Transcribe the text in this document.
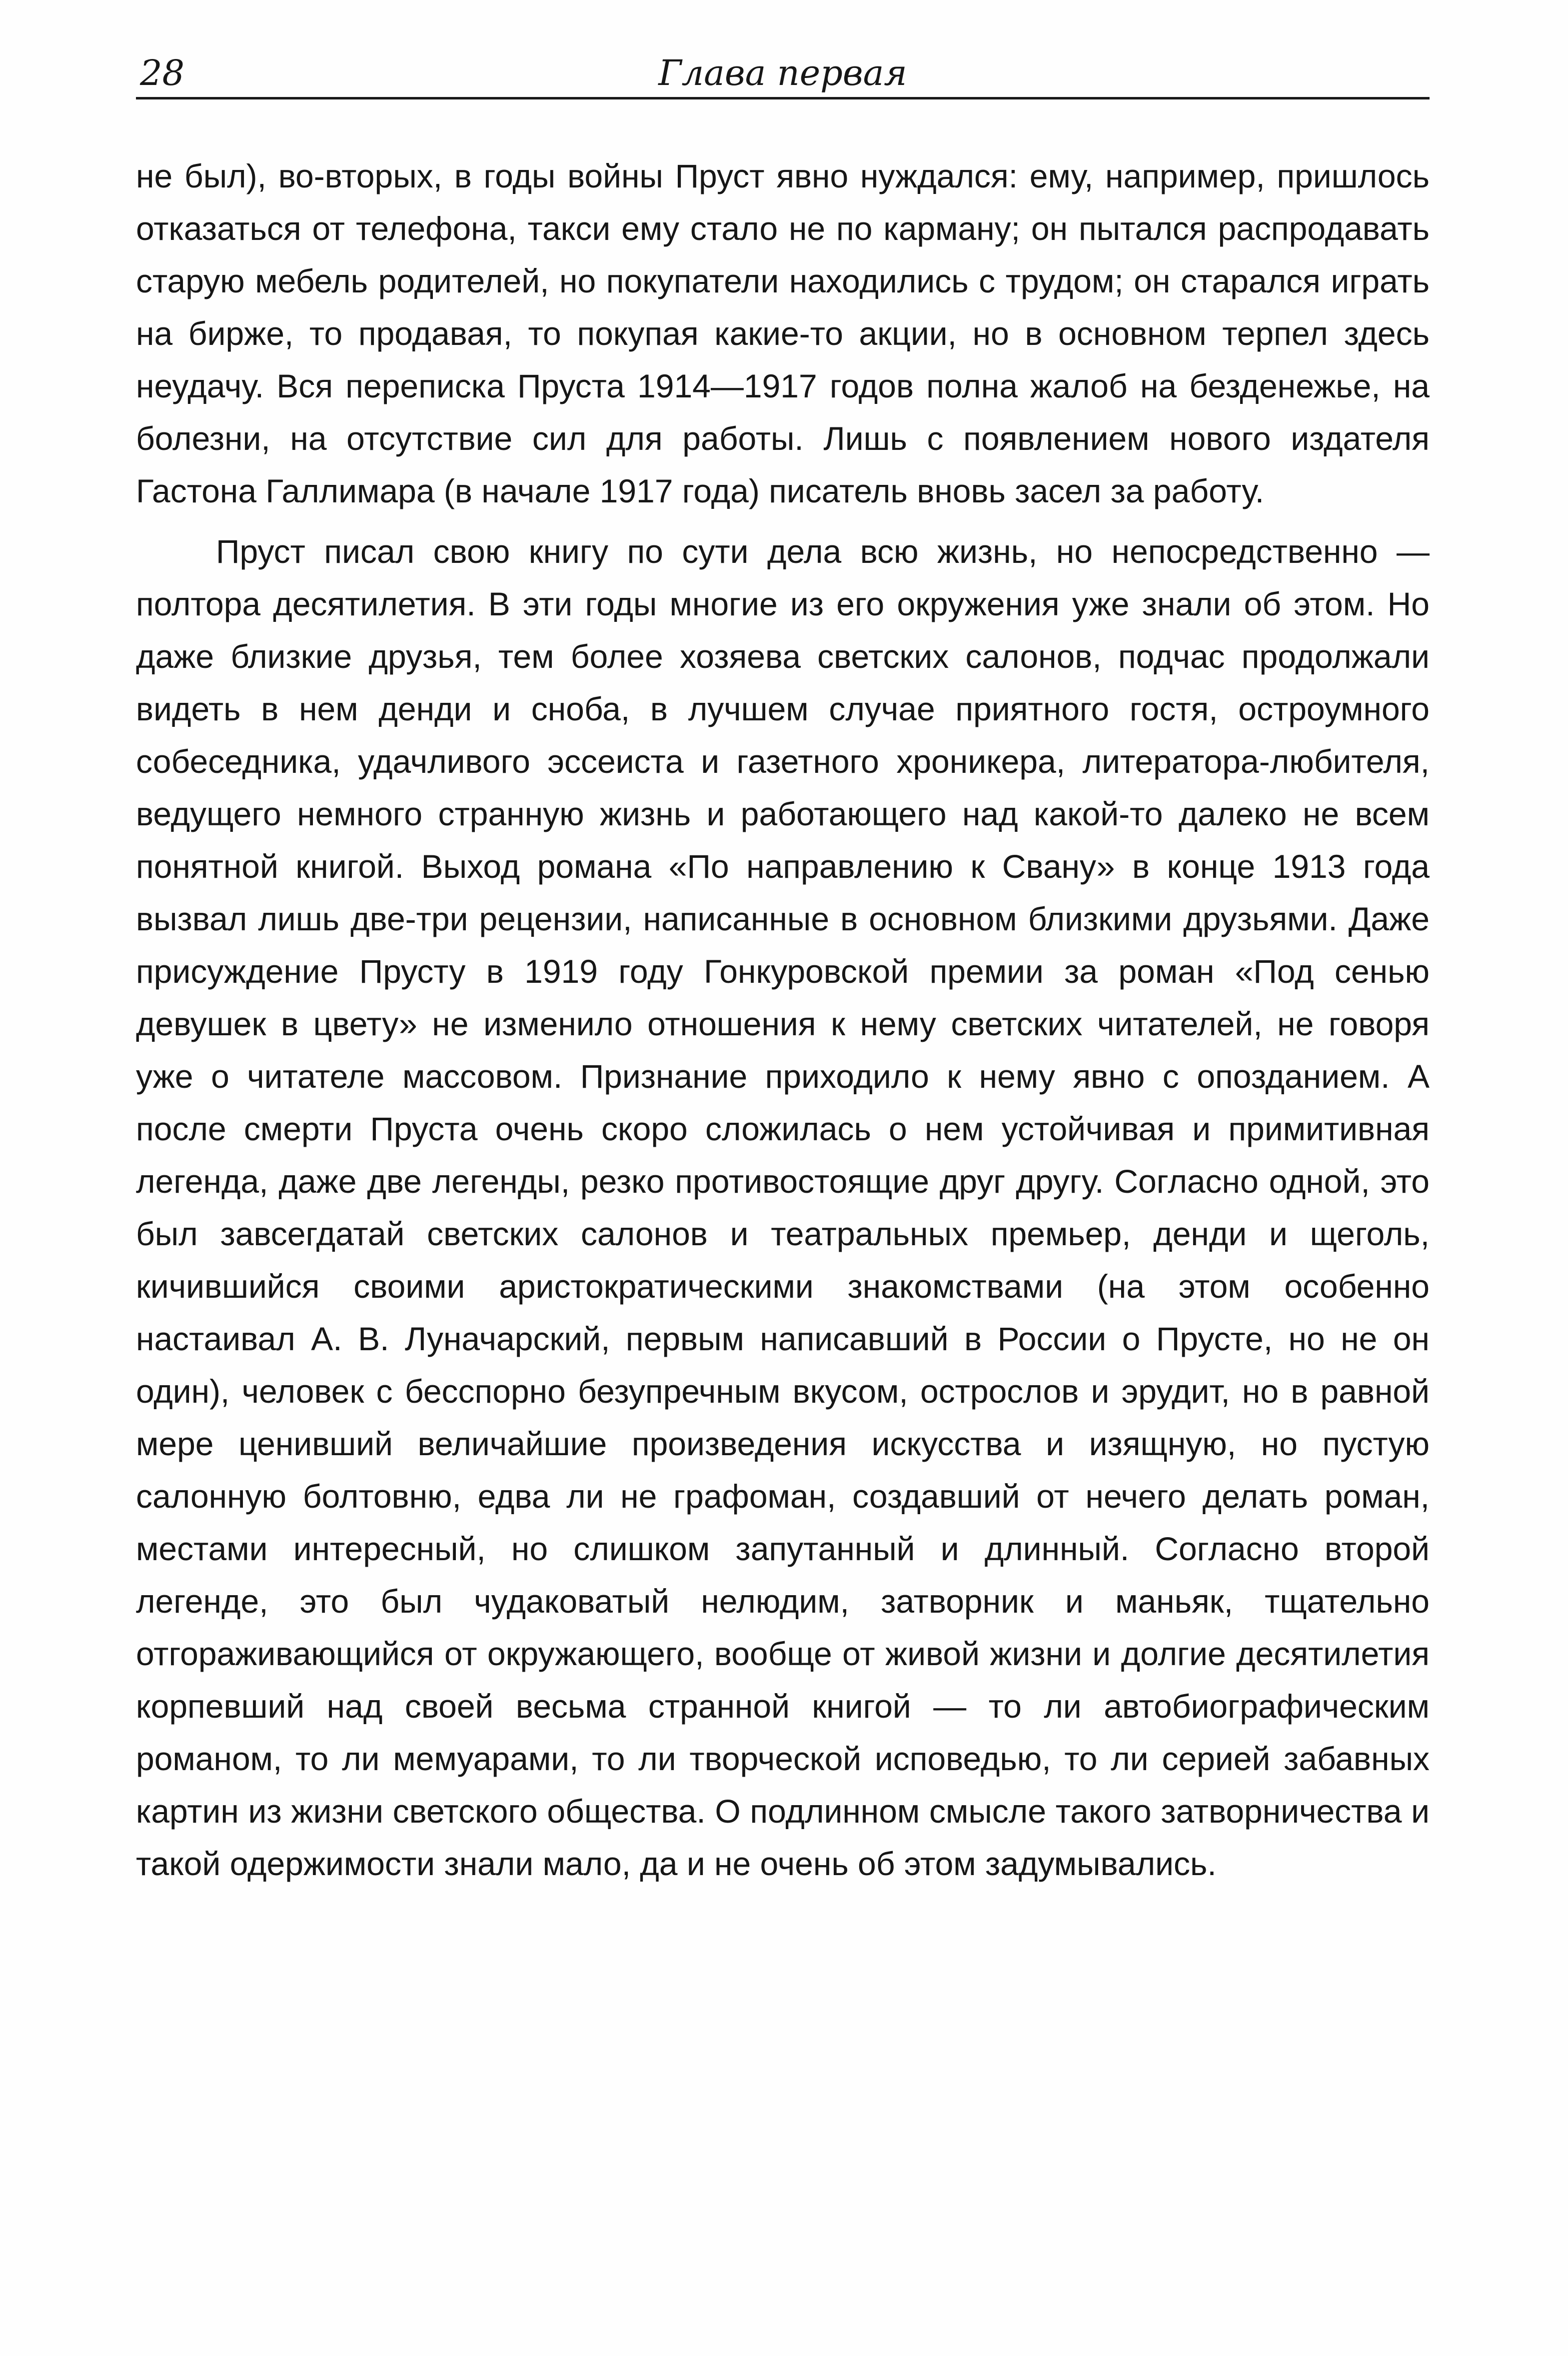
28	Глава первая

не был), во-вторых, в годы войны Пруст явно нуждался: ему, например, пришлось отказаться от телефона, такси ему стало не по карману; он пытался распродавать старую мебель родителей, но покупатели находились с трудом; он старался играть на бирже, то продавая, то покупая какие-то акции, но в основном терпел здесь неудачу. Вся переписка Пруста 1914—1917 годов полна жалоб на безденежье, на болезни, на отсутствие сил для работы. Лишь с появлением нового издателя Гастона Галлимара (в начале 1917 года) писатель вновь засел за работу.

Пруст писал свою книгу по сути дела всю жизнь, но непосредственно — полтора десятилетия. В эти годы многие из его окружения уже знали об этом. Но даже близкие друзья, тем более хозяева светских салонов, подчас продолжали видеть в нем денди и сноба, в лучшем случае приятного гостя, остроумного собеседника, удачливого эссеиста и газетного хроникера, литератора-любителя, ведущего немного странную жизнь и работающего над какой-то далеко не всем понятной книгой. Выход романа «По направлению к Свану» в конце 1913 года вызвал лишь две-три рецензии, написанные в основном близкими друзьями. Даже присуждение Прусту в 1919 году Гонкуровской премии за роман «Под сенью девушек в цвету» не изменило отношения к нему светских читателей, не говоря уже о читателе массовом. Признание приходило к нему явно с опозданием. А после смерти Пруста очень скоро сложилась о нем устойчивая и примитивная легенда, даже две легенды, резко противостоящие друг другу. Согласно одной, это был завсегдатай светских салонов и театральных премьер, денди и щеголь, кичившийся своими аристократическими знакомствами (на этом особенно настаивал А. В. Луначарский, первым написавший в России о Прусте, но не он один), человек с бесспорно безупречным вкусом, острослов и эрудит, но в равной мере ценивший величайшие произведения искусства и изящную, но пустую салонную болтовню, едва ли не графоман, создавший от нечего делать роман, местами интересный, но слишком запутанный и длинный. Согласно второй легенде, это был чудаковатый нелюдим, затворник и маньяк, тщательно отгораживающийся от окружающего, вообще от живой жизни и долгие десятилетия корпевший над своей весьма странной книгой — то ли автобиографическим романом, то ли мемуарами, то ли творческой исповедью, то ли серией забавных картин из жизни светского общества. О подлинном смысле такого затворничества и такой одержимости знали мало, да и не очень об этом задумывались.
